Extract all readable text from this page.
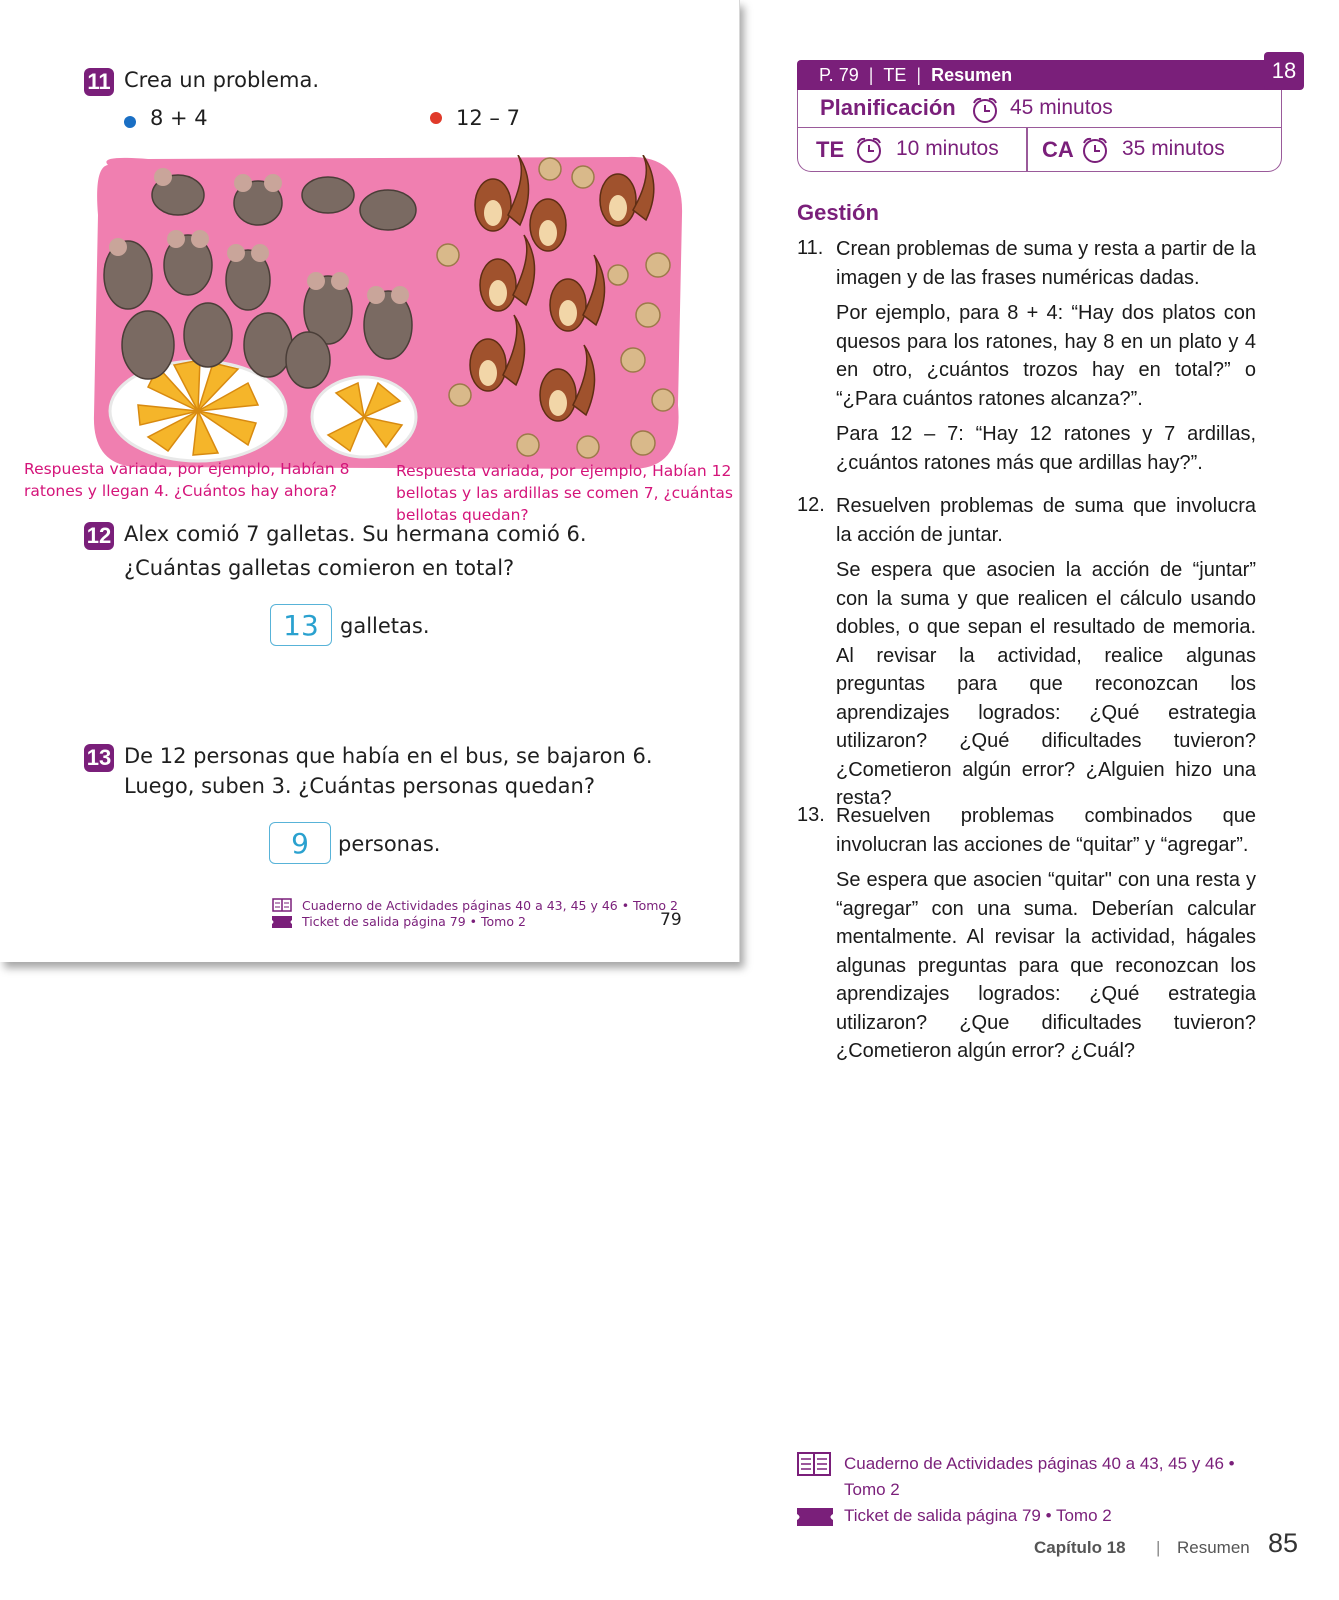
11 Crea un problema.
8 + 4	12 – 7
Respuesta variada, por ejemplo, Habían 8
ratones y llegan 4. ¿Cuántos hay ahora?
Respuesta variada, por ejemplo, Habían 12
bellotas y las ardillas se comen 7, ¿cuántas
bellotas quedan?
12 Alex comió 7 galletas. Su hermana comió 6.
¿Cuántas galletas comieron en total?
13	galletas.
13 De 12 personas que había en el bus, se bajaron 6.
Luego, suben 3. ¿Cuántas personas quedan?
9	personas.
Cuaderno de Actividades páginas 40 a 43, 45 y 46 • Tomo 2
Ticket de salida página 79 • Tomo 2	79
P. 79 | TE | Resumen	18
Planificación	45 minutos
TE 10 minutos CA 35 minutos
Gestión
11. Crean problemas de suma y resta a partir de la imagen y de las frases numéricas dadas.
Por ejemplo, para 8 + 4: “Hay dos platos con quesos para los ratones, hay 8 en un plato y 4 en otro, ¿cuántos trozos hay en total?” o “¿Para cuántos ratones alcanza?”.
Para 12 – 7: “Hay 12 ratones y 7 ardillas, ¿cuántos ratones más que ardillas hay?”.
12. Resuelven problemas de suma que involucra la acción de juntar.
Se espera que asocien la acción de “juntar” con la suma y que realicen el cálculo usando dobles, o que sepan el resultado de memoria. Al revisar la actividad, realice algunas preguntas para que reconozcan los aprendizajes logrados: ¿Qué estrategia utilizaron? ¿Qué dificultades tuvieron? ¿Cometieron algún error? ¿Alguien hizo una resta?
13. Resuelven problemas combinados que involucran las acciones de “quitar” y “agregar”.
Se espera que asocien “quitar" con una resta y “agregar” con una suma. Deberían calcular mentalmente. Al revisar la actividad, hágales algunas preguntas para que reconozcan los aprendizajes logrados: ¿Qué estrategia utilizaron? ¿Que dificultades tuvieron? ¿Cometieron algún error? ¿Cuál?
Cuaderno de Actividades páginas 40 a 43, 45 y 46 •
Tomo 2
Ticket de salida página 79 • Tomo 2
Capítulo 18 | Resumen 85
